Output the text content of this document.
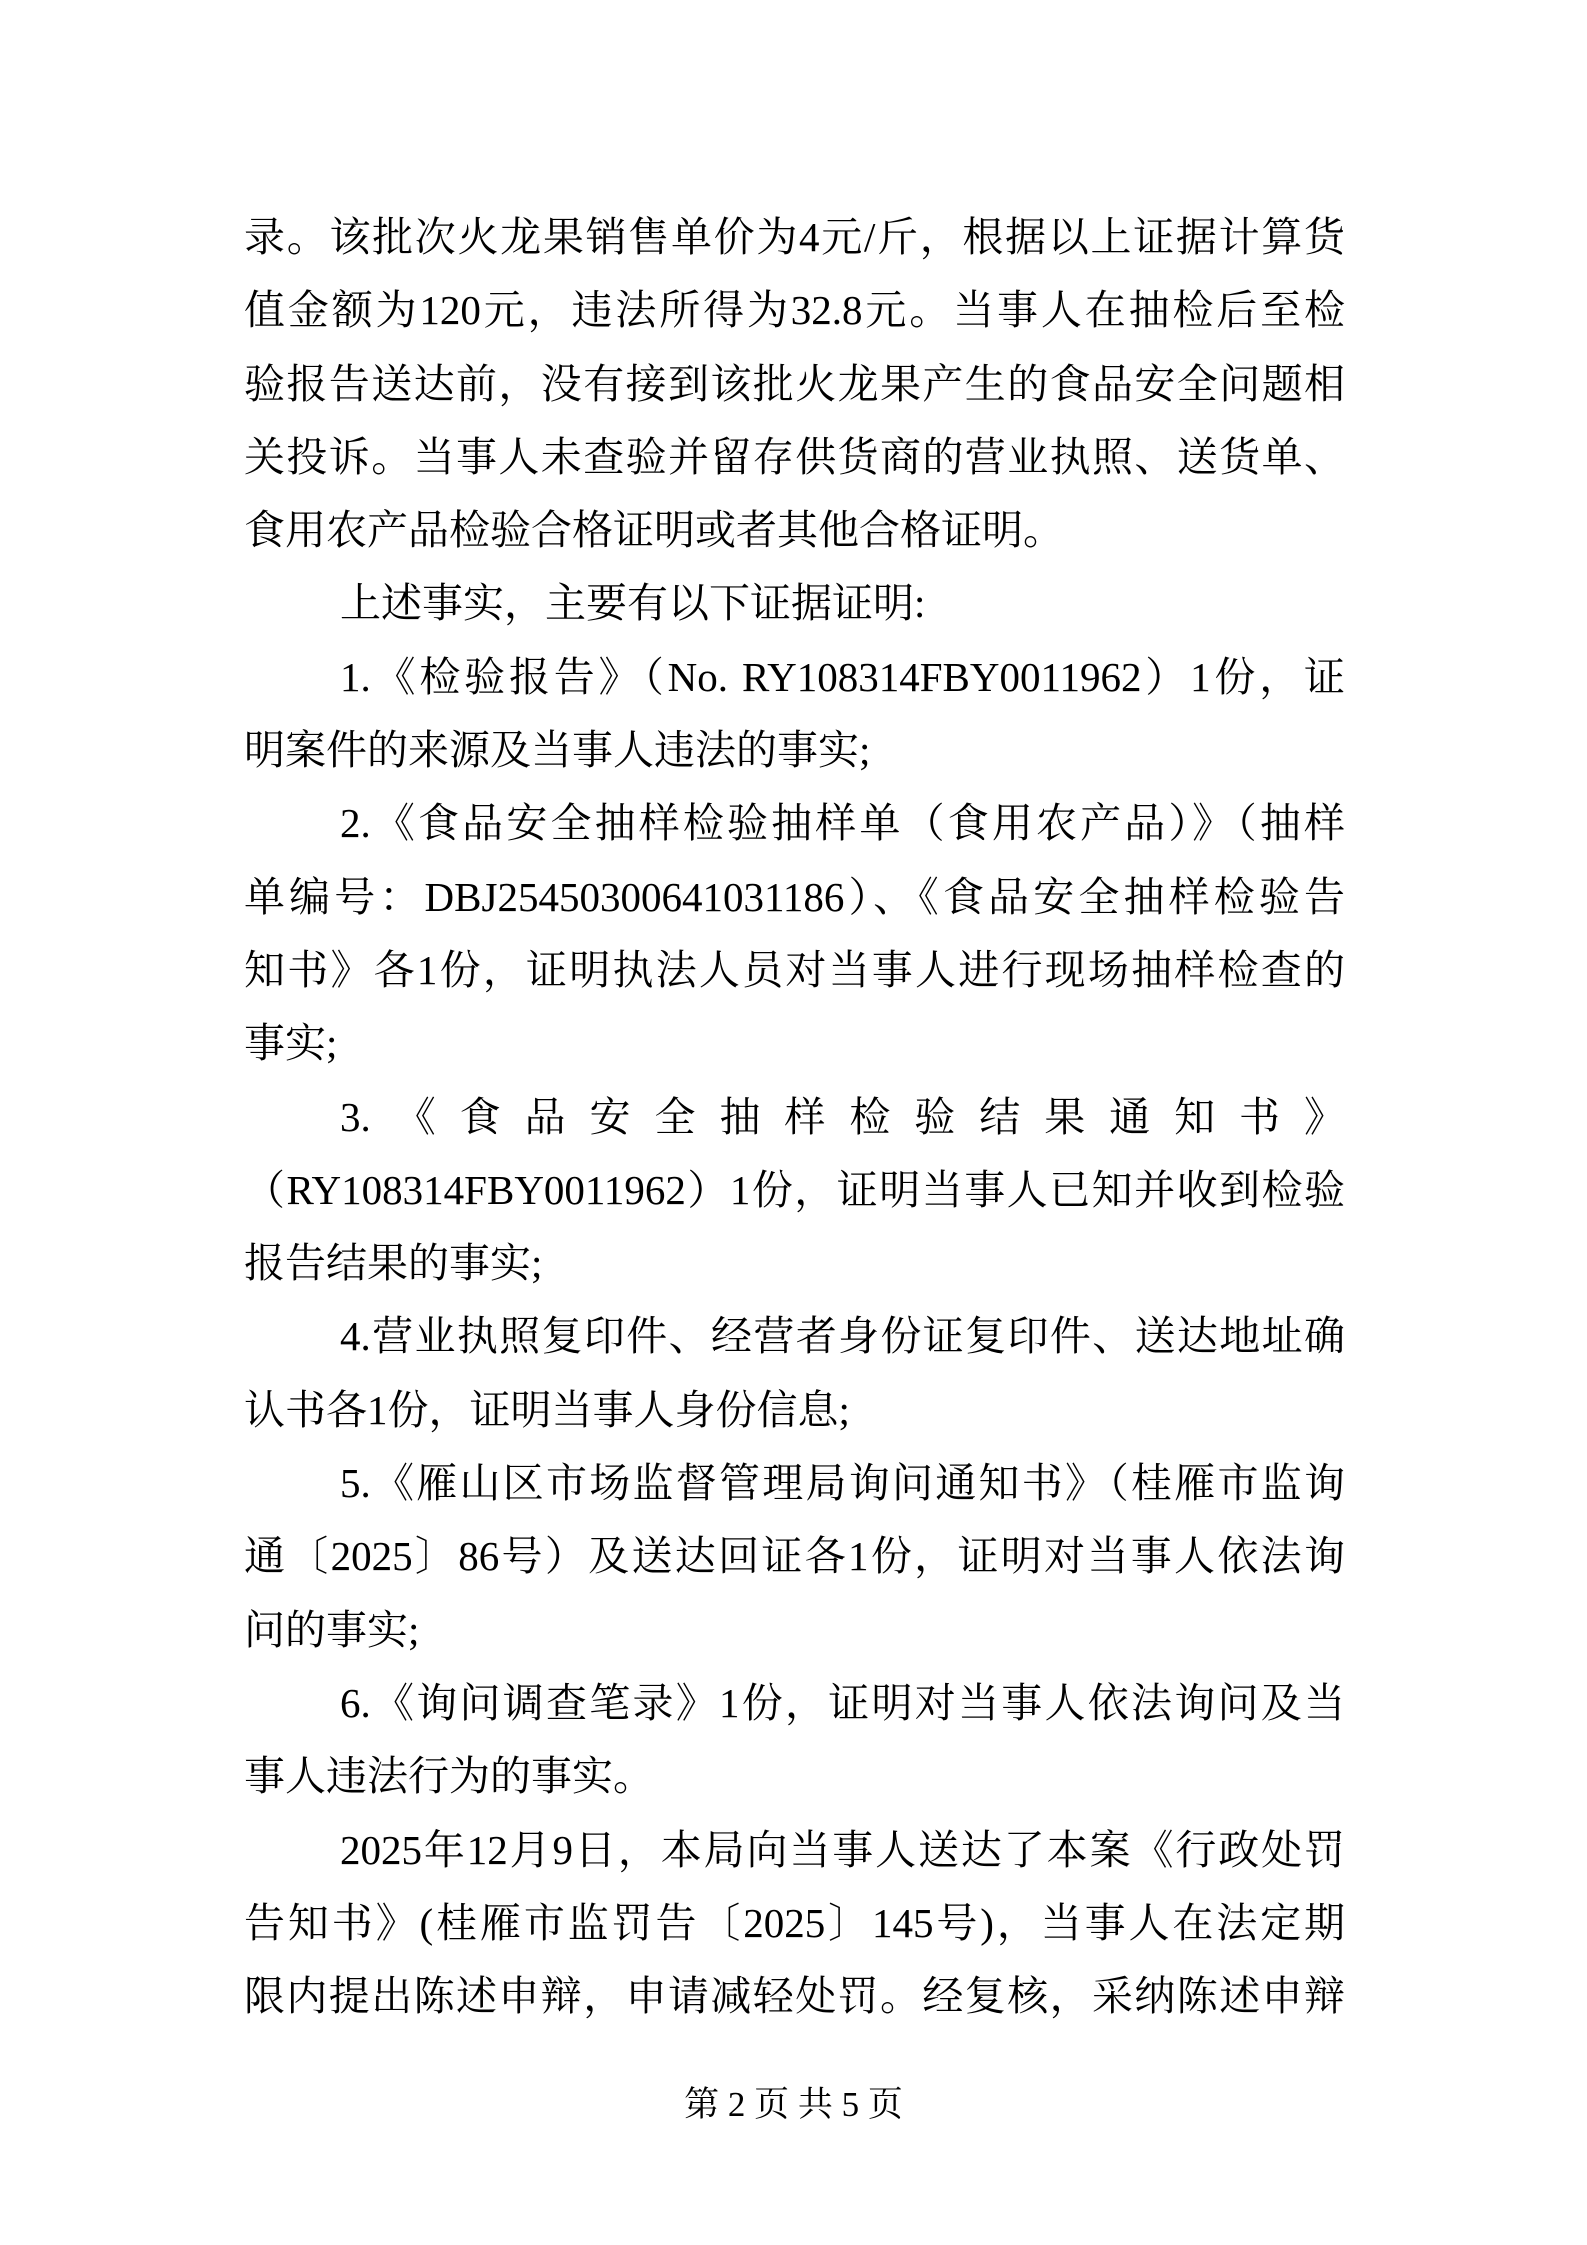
录。该批次火龙果销售单价为4元/斤，根据以上证据计算货
值金额为120元，违法所得为32.8元。当事人在抽检后至检
验报告送达前，没有接到该批火龙果产生的食品安全问题相
关投诉。当事人未查验并留存供货商的营业执照、送货单、
食用农产品检验合格证明或者其他合格证明。
上述事实，主要有以下证据证明:
1.《检验报告》（No. RY108314FBY0011962）1份，证
明案件的来源及当事人违法的事实;
2.《食品安全抽样检验抽样单（食用农产品）》（抽样
单编号：DBJ25450300641031186）、《食品安全抽样检验告
知书》各1份，证明执法人员对当事人进行现场抽样检查的
事实;
3.《食品安全抽样检验结果通知书》
（RY108314FBY0011962）1份，证明当事人已知并收到检验
报告结果的事实;
4.营业执照复印件、经营者身份证复印件、送达地址确
认书各1份，证明当事人身份信息;
5.《雁山区市场监督管理局询问通知书》（桂雁市监询
通〔2025〕86号）及送达回证各1份，证明对当事人依法询
问的事实;
6.《询问调查笔录》1份，证明对当事人依法询问及当
事人违法行为的事实。
2025年12月9日，本局向当事人送达了本案《行政处罚
告知书》(桂雁市监罚告〔2025〕145号)，当事人在法定期
限内提出陈述申辩，申请减轻处罚。经复核，采纳陈述申辩
第 2 页 共 5 页
